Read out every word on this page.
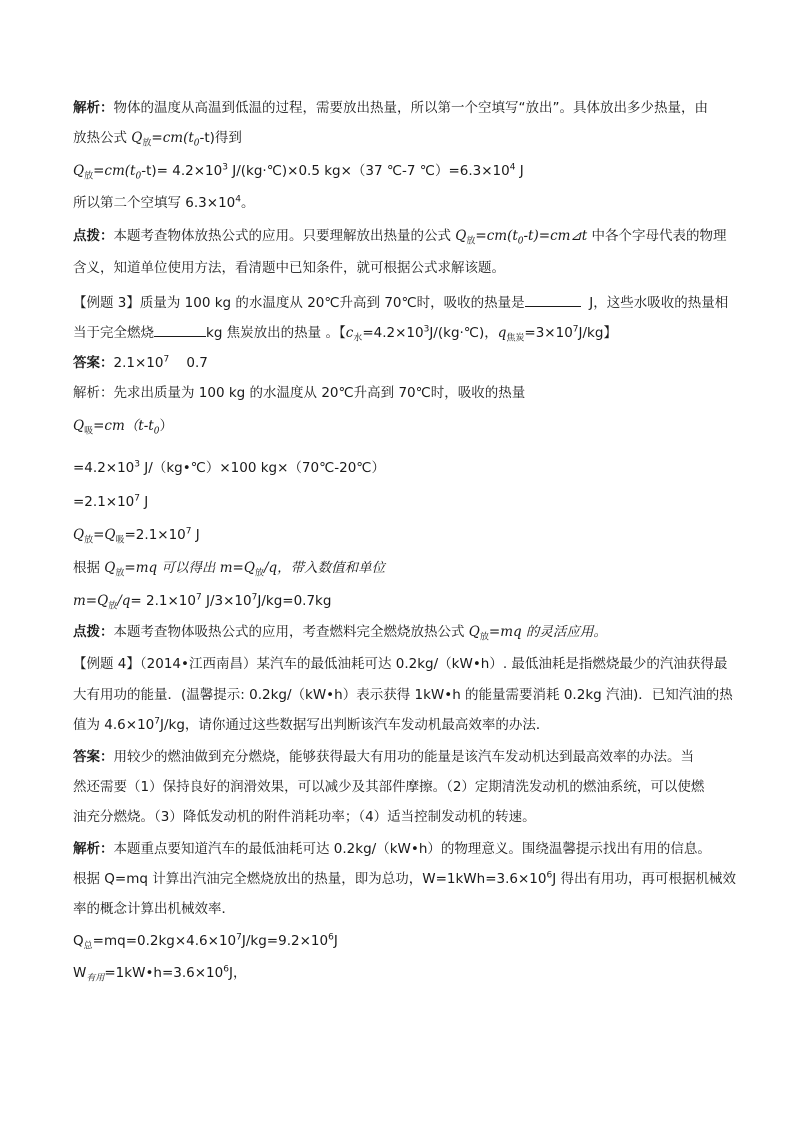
解析：物体的温度从高温到低温的过程，需要放出热量，所以第一个空填写“放出”。具体放出多少热量，由
放热公式 $Q_放=cm(t_0-t)$得到
$Q_放=cm(t_0-t)= 4.2\times 10^3$ J/(kg·℃)×0.5 kg×（37 ℃-7 $℃)=6.3\times 10^4$ J
所以第二个空填写 $6.3\times 10^4$。
点拨：本题考查物体放热公式的应用。只要理解放出热量的公式 $Q_放=cm(t_0-t)=cm⊿t$ 中各个字母代表的物理
含义，知道单位使用方法，看清题中已知条件，就可根据公式求解该题。
【例题 3】质量为 100 kg 的水温度从 20℃升高到 70℃时，吸收的热量是	J，这些水吸收的热量相
当于完全燃烧	kg 焦炭放出的热量 。【$c_水=4.2\times 10^3J/(kg\cdot℃)$，$q_{焦炭}=3\times 10^7J/kg$】
答案：$2.1\times 10^7$    0.7
解析：先求出质量为 100 kg 的水温度从 20℃升高到 70℃时，吸收的热量
$Q_吸=cm(t-t_0)$
$=4.2\times 10^3$ J/（kg•℃）×100 kg×（70℃-20℃）
$=2.1\times 10^7$ J
$Q_放=Q_吸=2.1\times 10^7$ J
根据 $Q_放=mq$ 可以得出 $m=Q_放/q$，带入数值和单位
$m=Q_放/q= 2.1\times 10^7$ $J/3\times 10^7J/kg=0.7kg$
点拨：本题考查物体吸热公式的应用，考查燃料完全燃烧放热公式 $Q_放=mq$ 的灵活应用。
【例题 4】（2014•江西南昌）某汽车的最低油耗可达 0.2kg/（kW•h）. 最低油耗是指燃烧最少的汽油获得最
大有用功的能量．(温馨提示: 0.2kg/（kW•h）表示获得 1kW•h 的能量需要消耗 0.2kg 汽油)．已知汽油的热
值为 $4.6\times 10^7J/kg$，请你通过这些数据写出判断该汽车发动机最高效率的办法．
答案：用较少的燃油做到充分燃烧，能够获得最大有用功的能量是该汽车发动机达到最高效率的办法。当
然还需要（1）保持良好的润滑效果，可以减少及其部件摩擦。（2）定期清洗发动机的燃油系统，可以使燃
油充分燃烧。（3）降低发动机的附件消耗功率；（4）适当控制发动机的转速。
解析：本题重点要知道汽车的最低油耗可达 0.2kg/（kW•h）的物理意义。围绕温馨提示找出有用的信息。
根据 Q=mq 计算出汽油完全燃烧放出的热量，即为总功，$W=1kWh=3.6\times 10^6J$ 得出有用功，再可根据机械效
率的概念计算出机械效率．
$Q_总=mq=0.2kg\times 4.6\times 10^7J/kg=9.2\times 10^6J$
$W_{有用}=1kW•h=3.6\times 10^6J$，
